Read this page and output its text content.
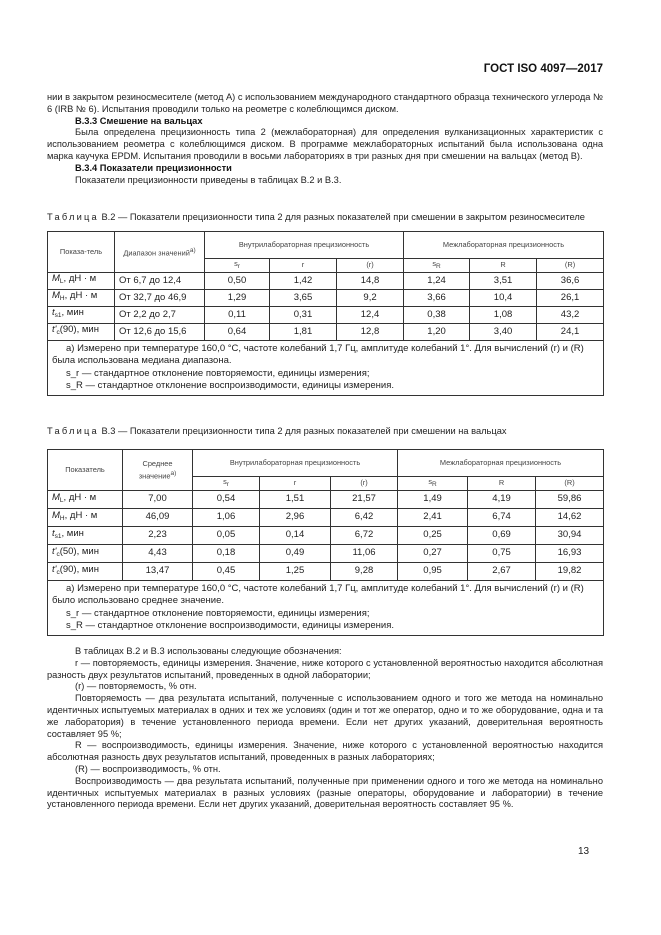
ГОСТ ISO 4097—2017

нии в закрытом резиносмесителе (метод А) с использованием международного стандартного образца технического углерода № 6 (IRB № 6). Испытания проводили только на реометре с колеблющимся диском.

В.3.3 Смешение на вальцах

Была определена прецизионность типа 2 (межлабораторная) для определения вулканизационных характеристик с использованием реометра с колеблющимся диском. В программе межлабораторных испытаний была использована одна марка каучука EPDM. Испытания проводили в восьми лабораториях в три разных дня при смешении на вальцах (метод В).

В.3.4 Показатели прецизионности

Показатели прецизионности приведены в таблицах В.2 и В.3.

Таблица В.2 — Показатели прецизионности типа 2 для разных показателей при смешении в закрытом резиносмесителе

Показа-тель	Диапазон значений$^{а)}$	Внутрилабораторная прецизионность			Межлабораторная прецизионность		
		$s_r$	r	(r)	$s_R$	R	(R)
$M_L$, дН · м	От 6,7 до 12,4	0,50	1,42	14,8	1,24	3,51	36,6
$M_H$, дН · м	От 32,7 до 46,9	1,29	3,65	9,2	3,66	10,4	26,1
$t_{s1}$, мин	От 2,2 до 2,7	0,11	0,31	12,4	0,38	1,08	43,2
$t'_c(90)$, мин	От 12,6 до 15,6	0,64	1,81	12,8	1,20	3,40	24,1

а) Измерено при температуре 160,0 °С, частоте колебаний 1,7 Гц, амплитуде колебаний 1°. Для вычислений (r) и (R) была использована медиана диапазона.
s_r — стандартное отклонение повторяемости, единицы измерения;
s_R — стандартное отклонение воспроизводимости, единицы измерения.							

Таблица В.3 — Показатели прецизионности типа 2 для разных показателей при смешении на вальцах

Показатель	Среднее значение$^{а)}$	Внутрилабораторная прецизионность			Межлабораторная прецизионность		
		$s_r$	r	(r)	$s_R$	R	(R)
$M_L$, дН · м	7,00	0,54	1,51	21,57	1,49	4,19	59,86
$M_H$, дН · м	46,09	1,06	2,96	6,42	2,41	6,74	14,62
$t_{s1}$, мин	2,23	0,05	0,14	6,72	0,25	0,69	30,94
$t'_c(50)$, мин	4,43	0,18	0,49	11,06	0,27	0,75	16,93
$t'_c(90)$, мин	13,47	0,45	1,25	9,28	0,95	2,67	19,82

а) Измерено при температуре 160,0 °С, частоте колебаний 1,7 Гц, амплитуде колебаний 1°. Для вычислений (r) и (R) было использовано среднее значение.
s_r — стандартное отклонение повторяемости, единицы измерения;
s_R — стандартное отклонение воспроизводимости, единицы измерения.							

В таблицах В.2 и В.3 использованы следующие обозначения:

r — повторяемость, единицы измерения. Значение, ниже которого с установленной вероятностью находится абсолютная разность двух результатов испытаний, проведенных в одной лаборатории;

(r) — повторяемость, % отн.

Повторяемость — два результата испытаний, полученные с использованием одного и того же метода на номинально идентичных испытуемых материалах в одних и тех же условиях (один и тот же оператор, одно и то же оборудование, одна и та же лаборатория) в течение установленного периода времени. Если нет других указаний, доверительная вероятность составляет 95 %;

R — воспроизводимость, единицы измерения. Значение, ниже которого с установленной вероятностью находится абсолютная разность двух результатов испытаний, проведенных в разных лабораториях;

(R) — воспроизводимость, % отн.

Воспроизводимость — два результата испытаний, полученные при применении одного и того же метода на номинально идентичных испытуемых материалах в разных условиях (разные операторы, оборудование и лаборатории) в течение установленного периода времени. Если нет других указаний, доверительная вероятность составляет 95 %.

13
